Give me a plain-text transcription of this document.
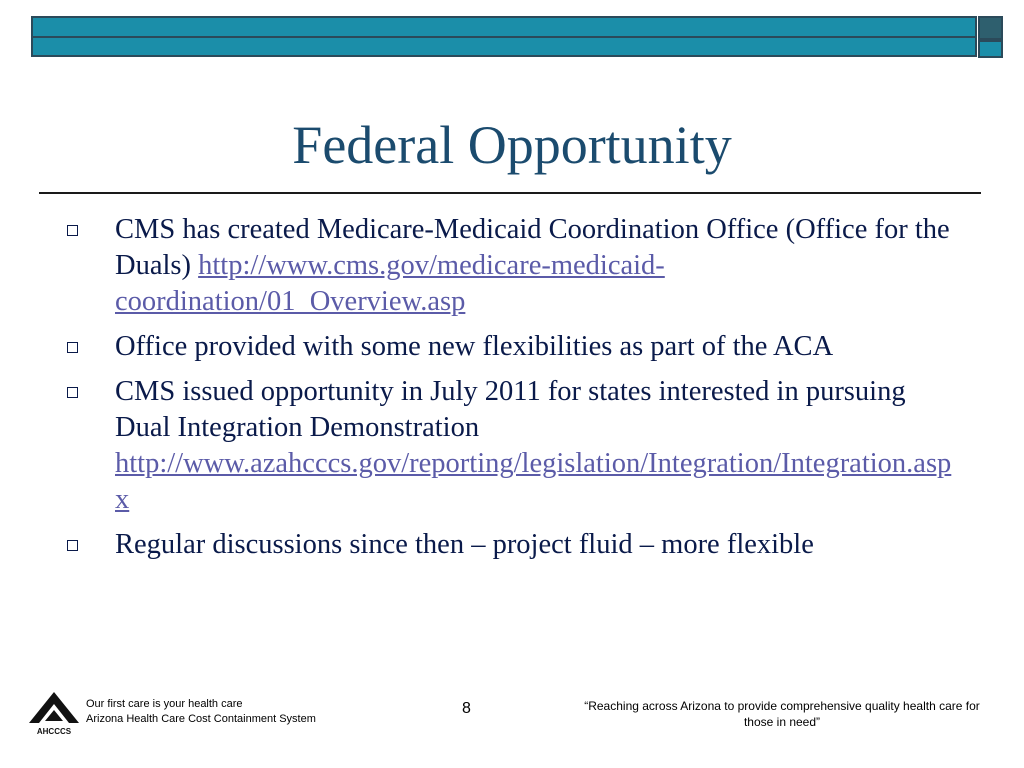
Federal Opportunity
CMS has created Medicare-Medicaid Coordination Office (Office for the Duals) http://www.cms.gov/medicare-medicaid-coordination/01_Overview.asp
Office provided with some new flexibilities as part of the ACA
CMS issued opportunity in July 2011 for states interested in pursuing Dual Integration Demonstration
http://www.azahcccs.gov/reporting/legislation/Integration/Integration.aspx
Regular discussions since then – project fluid – more flexible
AHCCCS
Our first care is your health care
Arizona Health Care Cost Containment System
8	“Reaching across Arizona to provide comprehensive quality health care for those in need”
